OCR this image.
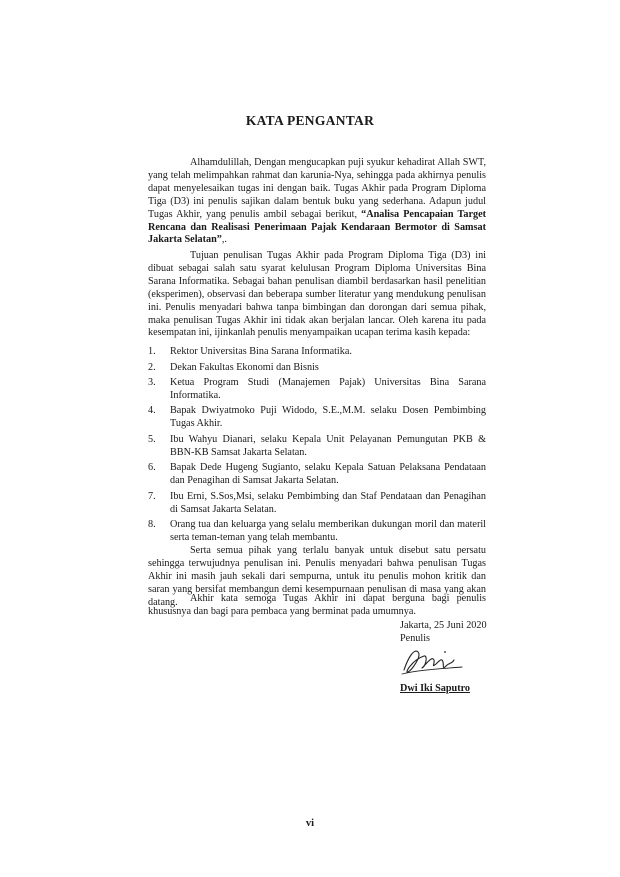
KATA PENGANTAR
Alhamdulillah, Dengan mengucapkan puji syukur kehadirat Allah SWT, yang telah melimpahkan rahmat dan karunia-Nya, sehingga pada akhirnya penulis dapat menyelesaikan tugas ini dengan baik. Tugas Akhir pada Program Diploma Tiga (D3) ini penulis sajikan dalam bentuk buku yang sederhana. Adapun judul Tugas Akhir, yang penulis ambil sebagai berikut, “Analisa Pencapaian Target Rencana dan Realisasi Penerimaan Pajak Kendaraan Bermotor di Samsat Jakarta Selatan”,.
Tujuan penulisan Tugas Akhir pada Program Diploma Tiga (D3) ini dibuat sebagai salah satu syarat kelulusan Program Diploma Universitas Bina Sarana Informatika. Sebagai bahan penulisan diambil berdasarkan hasil penelitian (eksperimen), observasi dan beberapa sumber literatur yang mendukung penulisan ini. Penulis menyadari bahwa tanpa bimbingan dan dorongan dari semua pihak, maka penulisan Tugas Akhir ini tidak akan berjalan lancar. Oleh karena itu pada kesempatan ini, ijinkanlah penulis menyampaikan ucapan terima kasih kepada:
1. Rektor Universitas Bina Sarana Informatika.
2. Dekan Fakultas Ekonomi dan Bisnis
3. Ketua Program Studi (Manajemen Pajak) Universitas Bina Sarana Informatika.
4. Bapak Dwiyatmoko Puji Widodo, S.E.,M.M. selaku Dosen Pembimbing Tugas Akhir.
5. Ibu Wahyu Dianari, selaku Kepala Unit Pelayanan Pemungutan PKB & BBN-KB Samsat Jakarta Selatan.
6. Bapak Dede Hugeng Sugianto, selaku Kepala Satuan Pelaksana Pendataan dan Penagihan di Samsat Jakarta Selatan.
7. Ibu Erni, S.Sos,Msi, selaku Pembimbing dan Staf Pendataan dan Penagihan di Samsat Jakarta Selatan.
8. Orang tua dan keluarga yang selalu memberikan dukungan moril dan materil serta teman-teman yang telah membantu.
Serta semua pihak yang terlalu banyak untuk disebut satu persatu sehingga terwujudnya penulisan ini. Penulis menyadari bahwa penulisan Tugas Akhir ini masih jauh sekali dari sempurna, untuk itu penulis mohon kritik dan saran yang bersifat membangun demi kesempurnaan penulisan di masa yang akan datang.	Akhir kata semoga Tugas Akhir ini dapat berguna bagi penulis khususnya dan bagi para pembaca yang berminat pada umumnya.
Jakarta, 25 Juni 2020
Penulis
Dwi Iki Saputro
vi
